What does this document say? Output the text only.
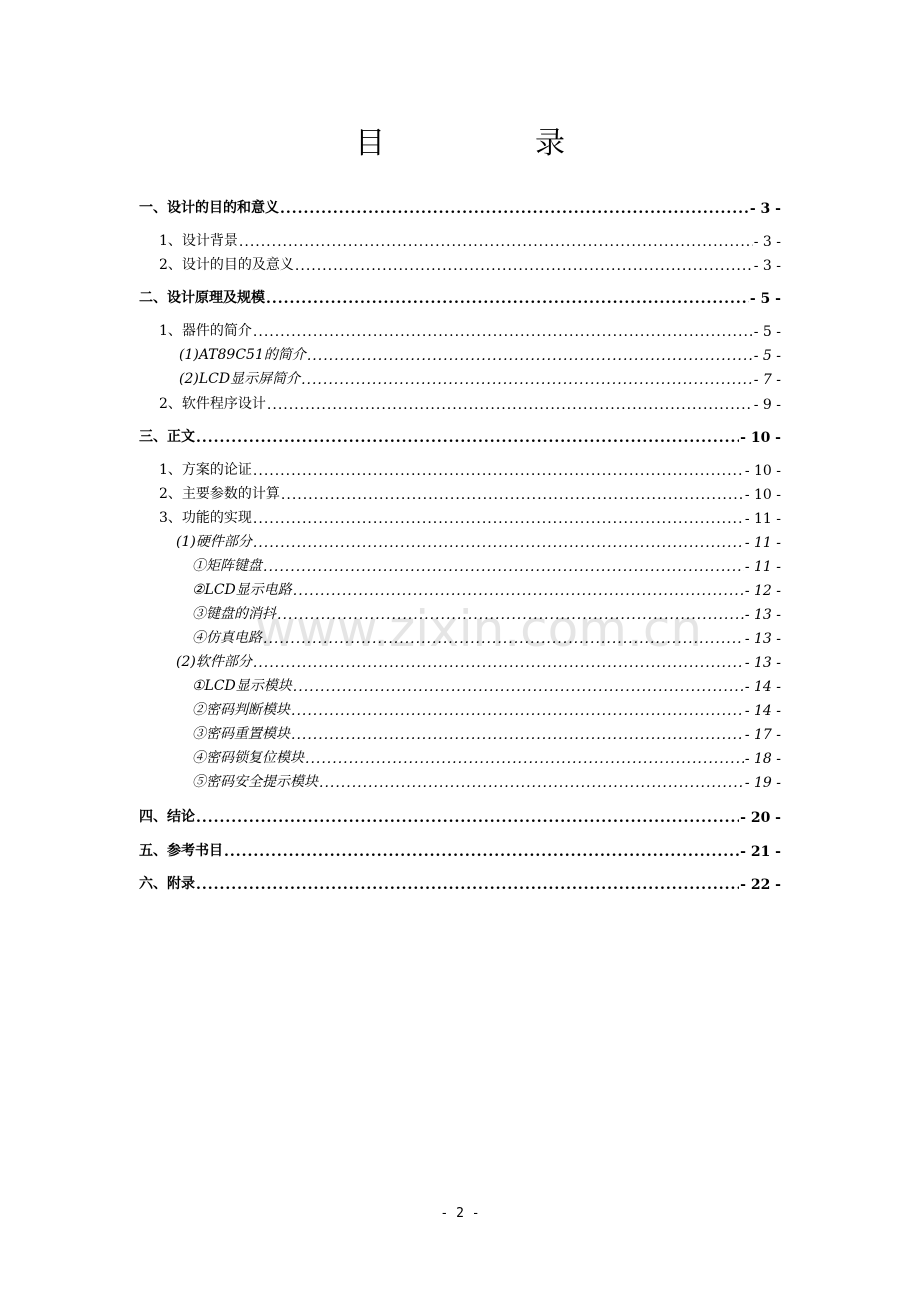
目　录
www.zixin.com.cn
一、设计的目的和意义 .....	- 3 -
1、设计背景 .....	- 3 -
2、设计的目的及意义 .....	- 3 -
二、设计原理及规模 .....	- 5 -
1、器件的简介 .....	- 5 -
(1)AT89C51的简介 .....	- 5 -
(2)LCD显示屏简介 .....	- 7 -
2、软件程序设计 .....	- 9 -
三、正文 .....	- 10 -
1、方案的论证 .....	- 10 -
2、主要参数的计算 .....	- 10 -
3、功能的实现 .....	- 11 -
(1)硬件部分 .....	- 11 -
①矩阵键盘 .....	- 11 -
②LCD显示电路 .....	- 12 -
③键盘的消抖 .....	- 13 -
④仿真电路 .....	- 13 -
(2)软件部分 .....	- 13 -
①LCD显示模块 .....	- 14 -
②密码判断模块 .....	- 14 -
③密码重置模块 .....	- 17 -
④密码锁复位模块 .....	- 18 -
⑤密码安全提示模块 .....	- 19 -
四、结论 .....	- 20 -
五、参考书目 .....	- 21 -
六、附录 .....	- 22 -
- 2 -
